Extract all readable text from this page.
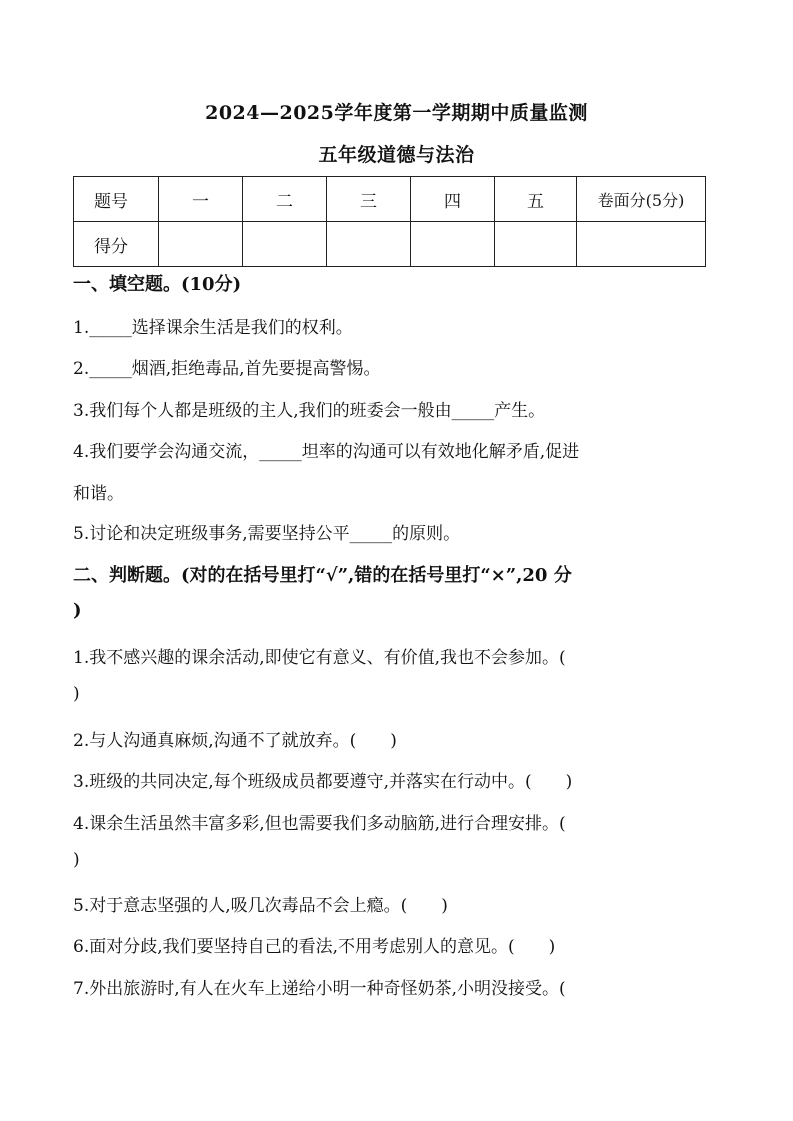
2024—2025学年度第一学期期中质量监测
五年级道德与法治
题号	一	二	三	四	五	卷面分(5分)
得分						
一、填空题。(10分)
1._____选择课余生活是我们的权利。
2._____烟酒,拒绝毒品,首先要提高警惕。
3.我们每个人都是班级的主人,我们的班委会一般由_____产生。
4.我们要学会沟通交流，_____坦率的沟通可以有效地化解矛盾,促进
和谐。
5.讨论和决定班级事务,需要坚持公平_____的原则。
二、判断题。(对的在括号里打“√”,错的在括号里打“×”,20 分
)
1.我不感兴趣的课余活动,即使它有意义、有价值,我也不会参加。(
)
2.与人沟通真麻烦,沟通不了就放弃。(　　)
3.班级的共同决定,每个班级成员都要遵守,并落实在行动中。(　　)
4.课余生活虽然丰富多彩,但也需要我们多动脑筋,进行合理安排。(
)
5.对于意志坚强的人,吸几次毒品不会上瘾。(　　)
6.面对分歧,我们要坚持自己的看法,不用考虑别人的意见。(　　)
7.外出旅游时,有人在火车上递给小明一种奇怪奶茶,小明没接受。(
